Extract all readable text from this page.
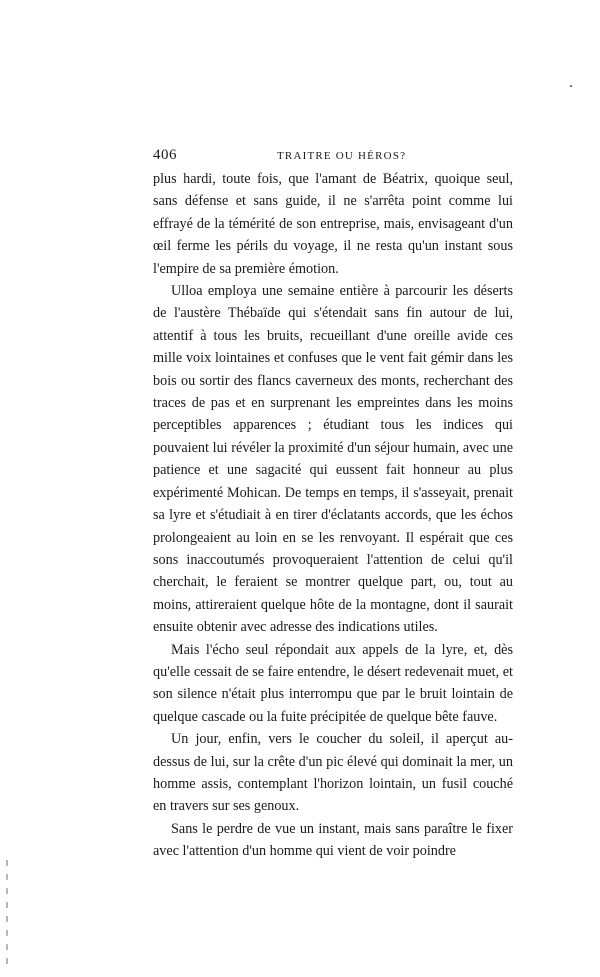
406	TRAITRE OU HÉROS?

plus hardi, toute fois, que l'amant de Béatrix, quoique seul, sans défense et sans guide, il ne s'arrêta point comme lui effrayé de la témérité de son entreprise, mais, envisageant d'un œil ferme les périls du voyage, il ne resta qu'un instant sous l'empire de sa première émotion.

Ulloa employa une semaine entière à parcourir les déserts de l'austère Thébaïde qui s'étendait sans fin autour de lui, attentif à tous les bruits, recueillant d'une oreille avide ces mille voix lointaines et confuses que le vent fait gémir dans les bois ou sortir des flancs caverneux des monts, recherchant des traces de pas et en surprenant les empreintes dans les moins perceptibles apparences ; étudiant tous les indices qui pouvaient lui révéler la proximité d'un séjour humain, avec une patience et une sagacité qui eussent fait honneur au plus expérimenté Mohican. De temps en temps, il s'asseyait, prenait sa lyre et s'étudiait à en tirer d'éclatants accords, que les échos prolongeaient au loin en se les renvoyant. Il espérait que ces sons inaccoutumés provoqueraient l'attention de celui qu'il cherchait, le feraient se montrer quelque part, ou, tout au moins, attireraient quelque hôte de la montagne, dont il saurait ensuite obtenir avec adresse des indications utiles.

Mais l'écho seul répondait aux appels de la lyre, et, dès qu'elle cessait de se faire entendre, le désert redevenait muet, et son silence n'était plus interrompu que par le bruit lointain de quelque cascade ou la fuite précipitée de quelque bête fauve.

Un jour, enfin, vers le coucher du soleil, il aperçut au-dessus de lui, sur la crête d'un pic élevé qui dominait la mer, un homme assis, contemplant l'horizon lointain, un fusil couché en travers sur ses genoux.

Sans le perdre de vue un instant, mais sans paraître le fixer avec l'attention d'un homme qui vient de voir poindre
